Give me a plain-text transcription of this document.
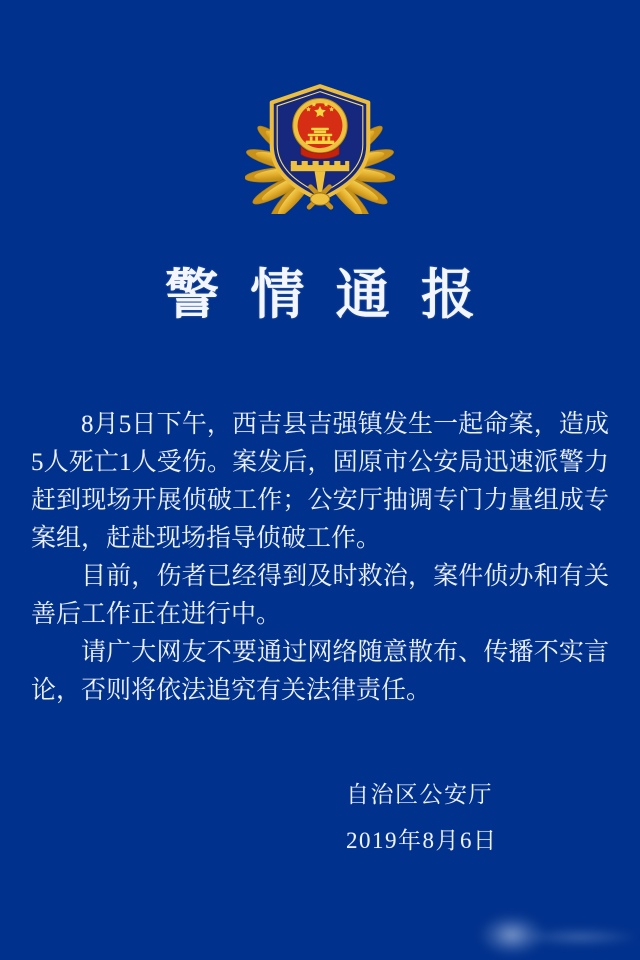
警情通报

8月5日下午，西吉县吉强镇发生一起命案，造成5人死亡1人受伤。案发后，固原市公安局迅速派警力赶到现场开展侦破工作；公安厅抽调专门力量组成专案组，赶赴现场指导侦破工作。

目前，伤者已经得到及时救治，案件侦办和有关善后工作正在进行中。

请广大网友不要通过网络随意散布、传播不实言论，否则将依法追究有关法律责任。

自治区公安厅
2019年8月6日
